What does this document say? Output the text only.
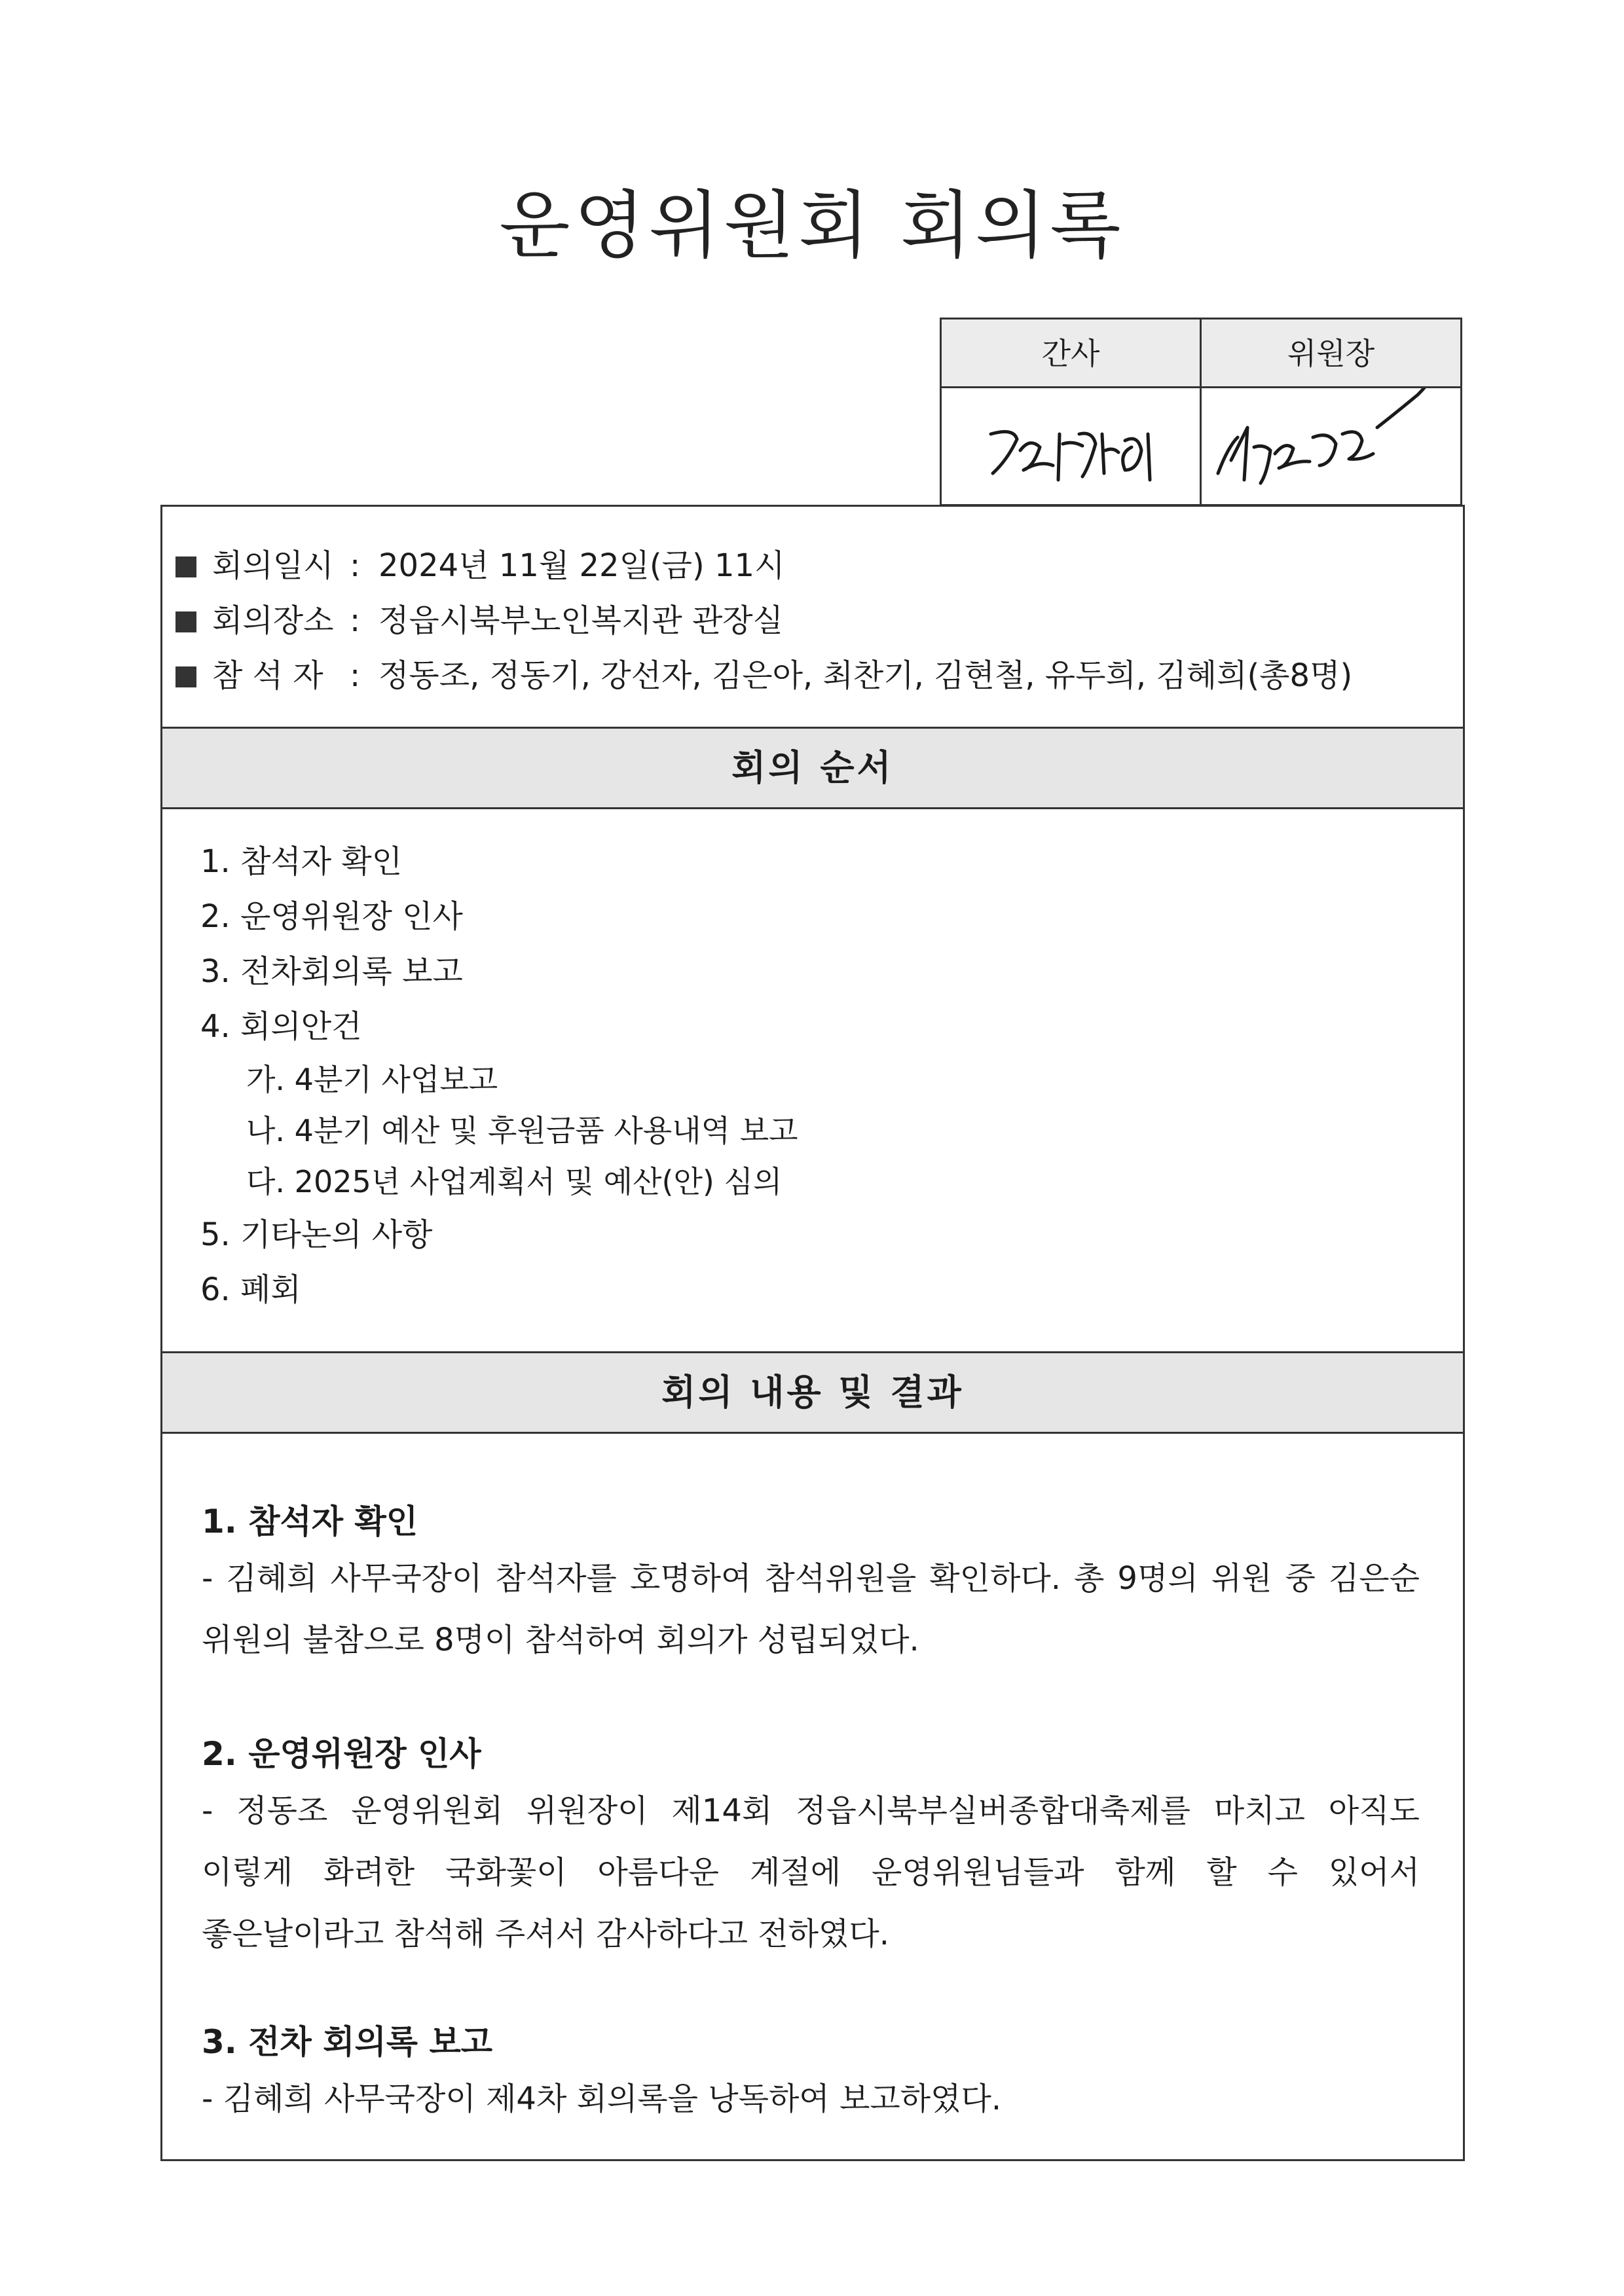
운영위원회 회의록
간사	위원장
회의일시 : 2024년 11월 22일(금) 11시
회의장소 : 정읍시북부노인복지관 관장실
참 석 자 : 정동조, 정동기, 강선자, 김은아, 최찬기, 김현철, 유두희, 김혜희(총8명)
회의 순서
1. 참석자 확인
2. 운영위원장 인사
3. 전차회의록 보고
4. 회의안건
가. 4분기 사업보고
나. 4분기 예산 및 후원금품 사용내역 보고
다. 2025년 사업계획서 및 예산(안) 심의
5. 기타논의 사항
6. 폐회
회의 내용 및 결과
1. 참석자 확인

- 김혜희 사무국장이 참석자를 호명하여 참석위원을 확인하다. 총 9명의 위원 중 김은순 위원의 불참으로 8명이 참석하여 회의가 성립되었다.

2. 운영위원장 인사

- 정동조 운영위원회 위원장이 제14회 정읍시북부실버종합대축제를 마치고 아직도 이렇게 화려한 국화꽃이 아름다운 계절에 운영위원님들과 함께 할 수 있어서 좋은날이라고 참석해 주셔서 감사하다고 전하였다.

3. 전차 회의록 보고

- 김혜희 사무국장이 제4차 회의록을 낭독하여 보고하였다.
